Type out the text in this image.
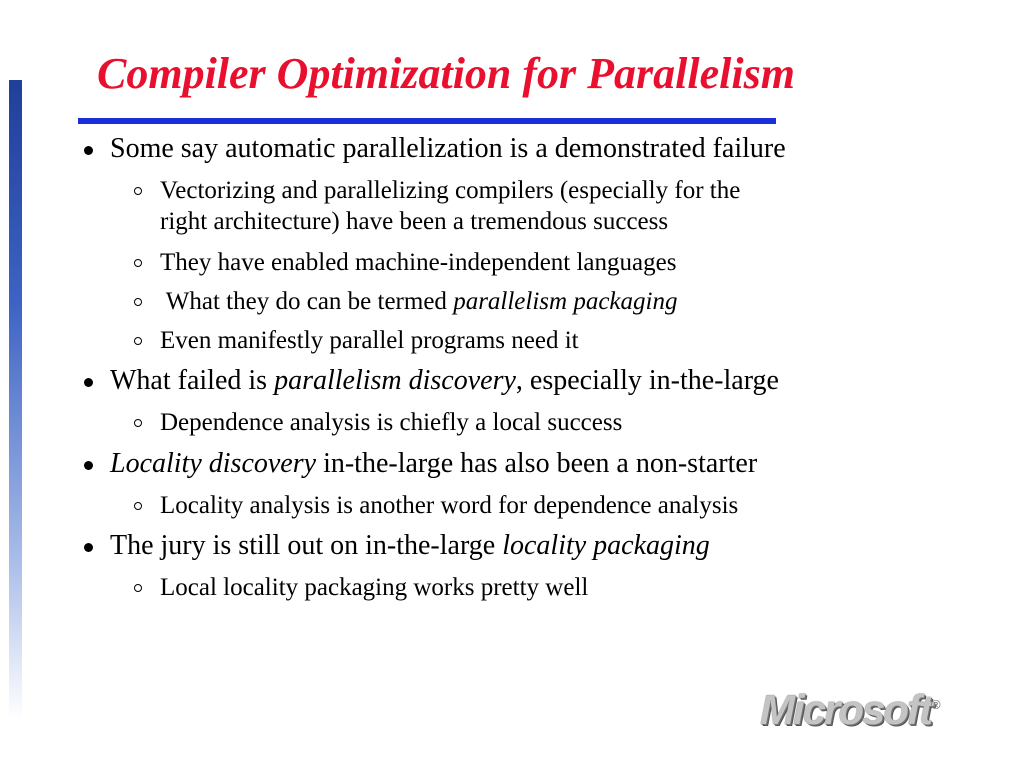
Compiler Optimization for Parallelism
Some say automatic parallelization is a demonstrated failure
Vectorizing and parallelizing compilers (especially for the
right architecture) have been a tremendous success
They have enabled machine-independent languages
What they do can be termed parallelism packaging
Even manifestly parallel programs need it
What failed is parallelism discovery, especially in-the-large
Dependence analysis is chiefly a local success
Locality discovery in-the-large has also been a non-starter
Locality analysis is another word for dependence analysis
The jury is still out on in-the-large locality packaging
Local locality packaging works pretty well
Microsoft®
